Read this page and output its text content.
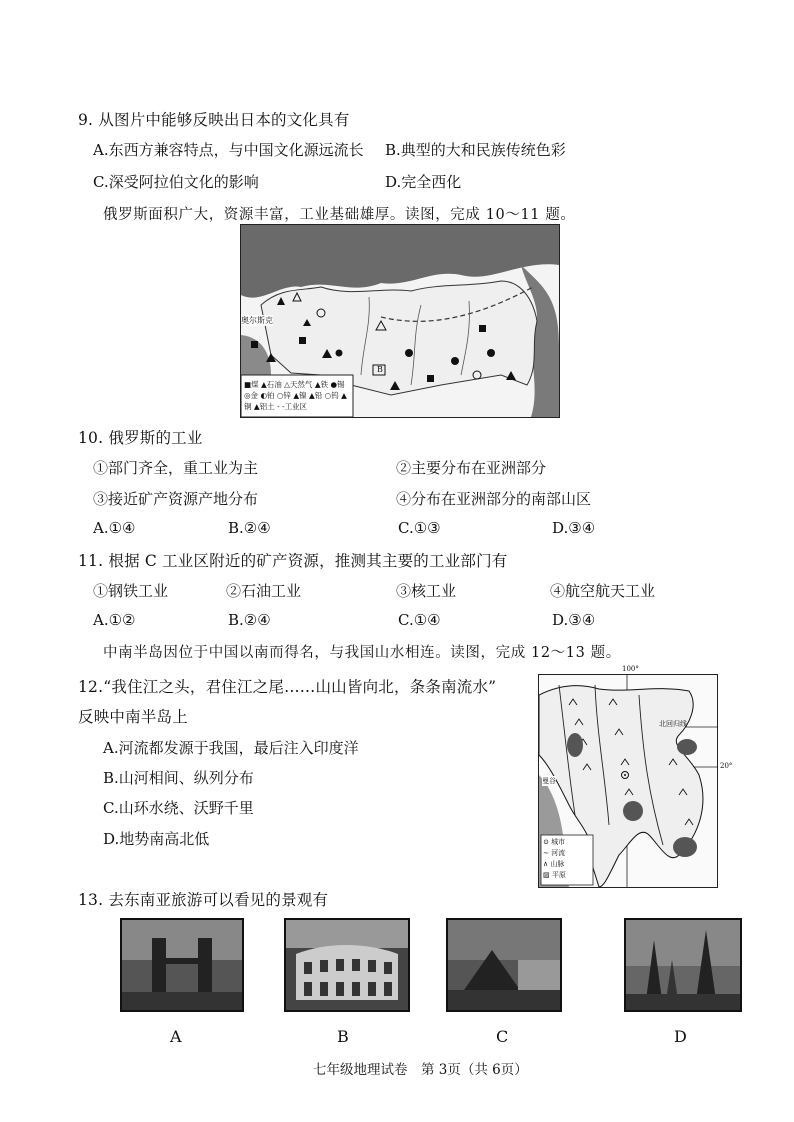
9. 从图片中能够反映出日本的文化具有
A.东西方兼容特点，与中国文化源远流长 B.典型的大和民族传统色彩
C.深受阿拉伯文化的影响	D.完全西化
俄罗斯面积广大，资源丰富，工业基础雄厚。读图，完成 10～11 题。
奥尔斯克
B
■煤 ▲石油 △天然气 ▲铁 ●锡 ◎金 ◐铂 ○锌 ▲镍 ▲铅 ○钨 ▲铜 ▲铝土 - -工业区
10. 俄罗斯的工业
①部门齐全，重工业为主	②主要分布在亚洲部分
③接近矿产资源产地分布	④分布在亚洲部分的南部山区
A.①④	B.②④	C.①③	D.③④
11. 根据 C 工业区附近的矿产资源，推测其主要的工业部门有
①钢铁工业	②石油工业	③核工业	④航空航天工业
A.①②	B.②④	C.①④	D.③④
中南半岛因位于中国以南而得名，与我国山水相连。读图，完成 12～13 题。
12.“我住江之头，君住江之尾……山山皆向北，条条南流水”
反映中南半岛上
A.河流都发源于我国，最后注入印度洋
B.山河相间、纵列分布
C.山环水绕、沃野千里
D.地势南高北低
100°
北回归线
曼谷
⊙ 城市
∼ 河流
∧ 山脉
▨ 平原
20°
13. 去东南亚旅游可以看见的景观有
A	B	C	D
七年级地理试卷　第 3页（共 6页）
